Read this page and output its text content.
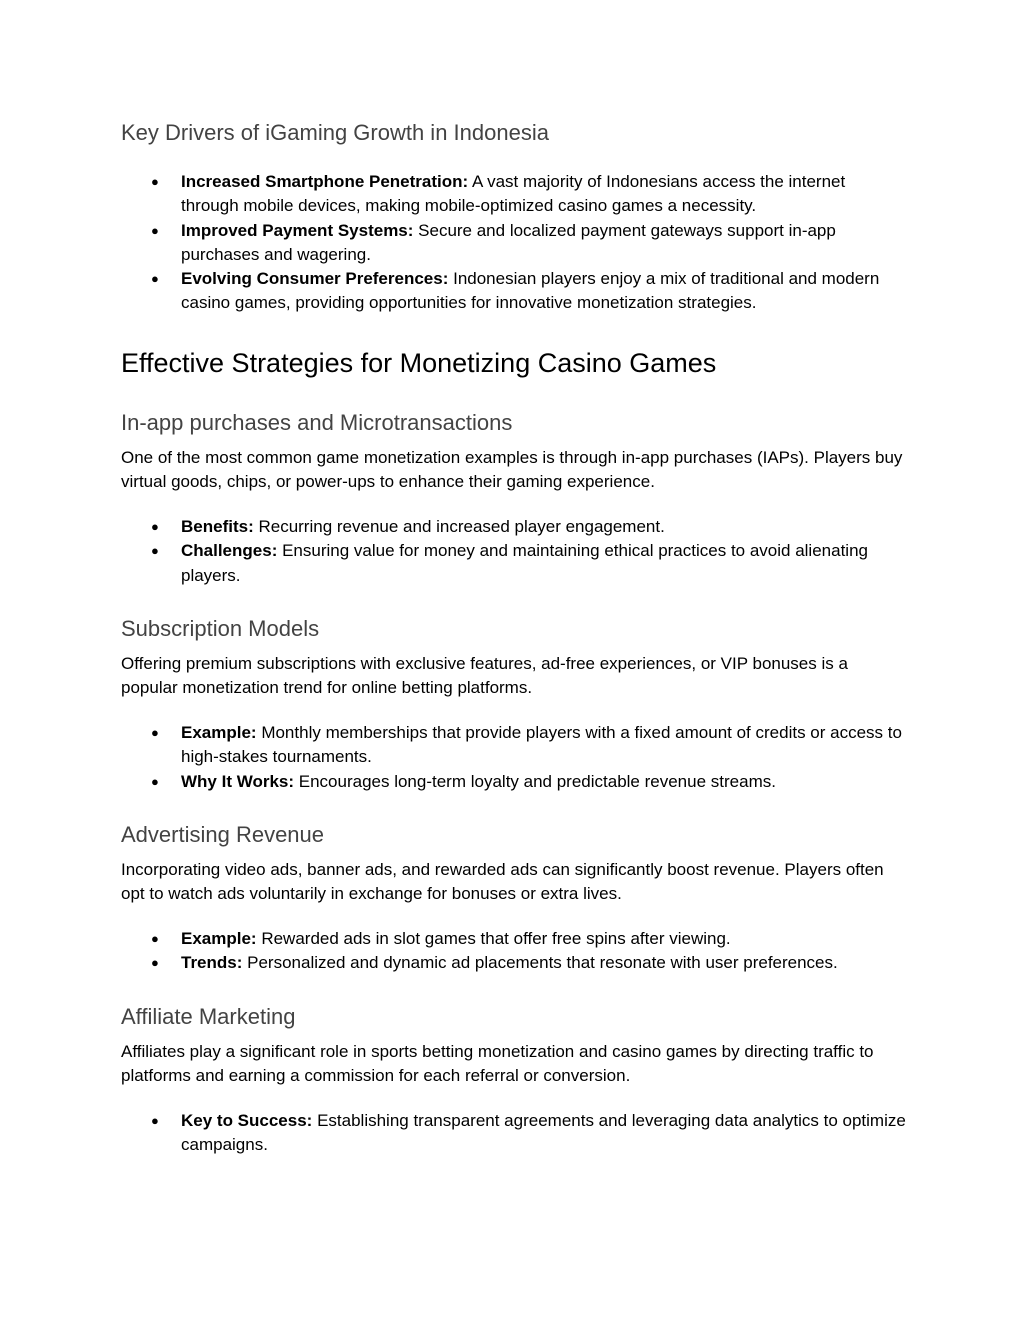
Key Drivers of iGaming Growth in Indonesia
● Increased Smartphone Penetration: A vast majority of Indonesians access the internet through mobile devices, making mobile-optimized casino games a necessity.
● Improved Payment Systems: Secure and localized payment gateways support in-app purchases and wagering.
● Evolving Consumer Preferences: Indonesian players enjoy a mix of traditional and modern casino games, providing opportunities for innovative monetization strategies.
Effective Strategies for Monetizing Casino Games
In-app purchases and Microtransactions
One of the most common game monetization examples is through in-app purchases (IAPs). Players buy virtual goods, chips, or power-ups to enhance their gaming experience.
● Benefits: Recurring revenue and increased player engagement.
● Challenges: Ensuring value for money and maintaining ethical practices to avoid alienating players.
Subscription Models
Offering premium subscriptions with exclusive features, ad-free experiences, or VIP bonuses is a popular monetization trend for online betting platforms.
● Example: Monthly memberships that provide players with a fixed amount of credits or access to high-stakes tournaments.
● Why It Works: Encourages long-term loyalty and predictable revenue streams.
Advertising Revenue
Incorporating video ads, banner ads, and rewarded ads can significantly boost revenue. Players often opt to watch ads voluntarily in exchange for bonuses or extra lives.
● Example: Rewarded ads in slot games that offer free spins after viewing.
● Trends: Personalized and dynamic ad placements that resonate with user preferences.
Affiliate Marketing
Affiliates play a significant role in sports betting monetization and casino games by directing traffic to platforms and earning a commission for each referral or conversion.
● Key to Success: Establishing transparent agreements and leveraging data analytics to optimize campaigns.
